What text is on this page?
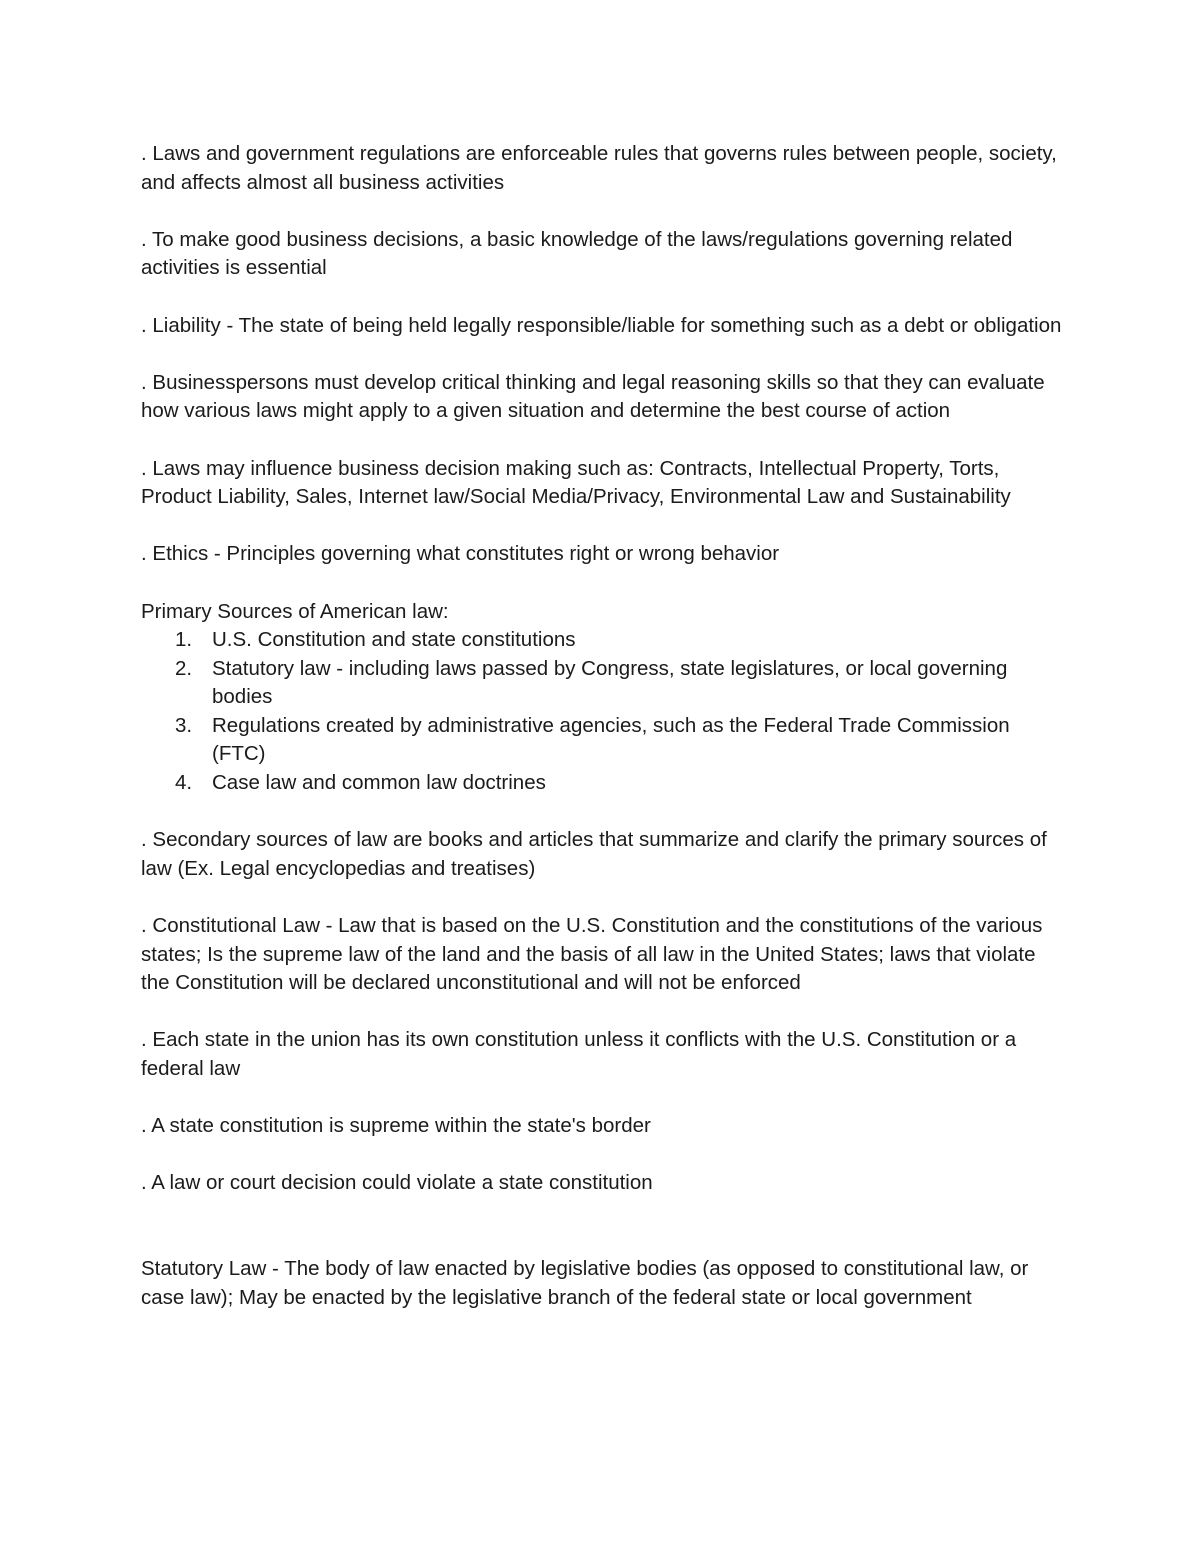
. Laws and government regulations are enforceable rules that governs rules between people, society, and affects almost all business activities

. To make good business decisions, a basic knowledge of the laws/regulations governing related activities is essential

. Liability - The state of being held legally responsible/liable for something such as a debt or obligation

. Businesspersons must develop critical thinking and legal reasoning skills so that they can evaluate how various laws might apply to a given situation and determine the best course of action

. Laws may influence business decision making such as: Contracts, Intellectual Property, Torts, Product Liability, Sales, Internet law/Social Media/Privacy, Environmental Law and Sustainability

. Ethics - Principles governing what constitutes right or wrong behavior

Primary Sources of American law:

1. U.S. Constitution and state constitutions
2. Statutory law - including laws passed by Congress, state legislatures, or local governing bodies
3. Regulations created by administrative agencies, such as the Federal Trade Commission (FTC)
4. Case law and common law doctrines

. Secondary sources of law are books and articles that summarize and clarify the primary sources of law (Ex. Legal encyclopedias and treatises)

. Constitutional Law - Law that is based on the U.S. Constitution and the constitutions of the various states; Is the supreme law of the land and the basis of all law in the United States; laws that violate the Constitution will be declared unconstitutional and will not be enforced

. Each state in the union has its own constitution unless it conflicts with the U.S. Constitution or a federal law

. A state constitution is supreme within the state's border

. A law or court decision could violate a state constitution

Statutory Law - The body of law enacted by legislative bodies (as opposed to constitutional law, or case law); May be enacted by the legislative branch of the federal state or local government
